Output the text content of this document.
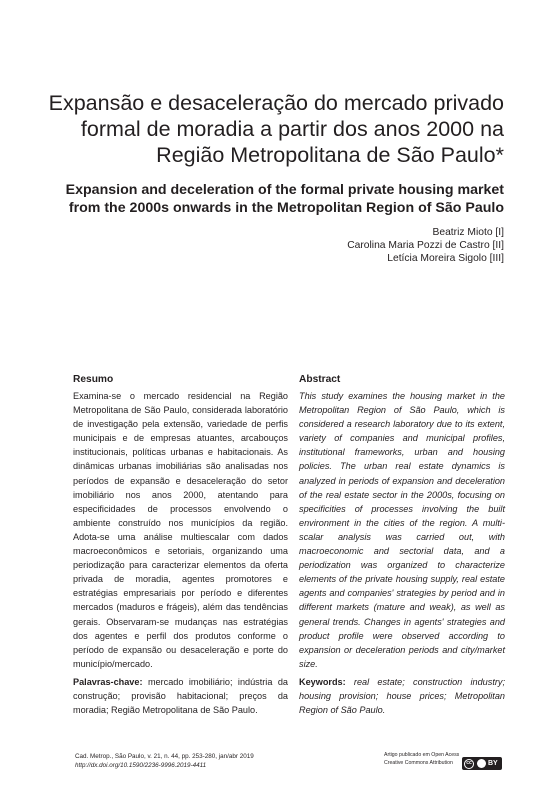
Expansão e desaceleração do mercado privado formal de moradia a partir dos anos 2000 na Região Metropolitana de São Paulo*
Expansion and deceleration of the formal private housing market from the 2000s onwards in the Metropolitan Region of São Paulo
Beatriz Mioto [I]
Carolina Maria Pozzi de Castro [II]
Letícia Moreira Sigolo [III]
Resumo

Examina-se o mercado residencial na Região Metropolitana de São Paulo, considerada laboratório de investigação pela extensão, variedade de perfis municipais e de empresas atuantes, arcabouços institucionais, políticas urbanas e habitacionais. As dinâmicas urbanas imobiliárias são analisadas nos períodos de expansão e desaceleração do setor imobiliário nos anos 2000, atentando para especificidades de processos envolvendo o ambiente construído nos municípios da região. Adota-se uma análise multiescalar com dados macroeconômicos e setoriais, organizando uma periodização para caracterizar elementos da oferta privada de moradia, agentes promotores e estratégias empresariais por período e diferentes mercados (maduros e frágeis), além das tendências gerais. Observaram-se mudanças nas estratégias dos agentes e perfil dos produtos conforme o período de expansão ou desaceleração e porte do município/mercado.

Palavras-chave: mercado imobiliário; indústria da construção; provisão habitacional; preços da moradia; Região Metropolitana de São Paulo.

Abstract

This study examines the housing market in the Metropolitan Region of São Paulo, which is considered a research laboratory due to its extent, variety of companies and municipal profiles, institutional frameworks, urban and housing policies. The urban real estate dynamics is analyzed in periods of expansion and deceleration of the real estate sector in the 2000s, focusing on specificities of processes involving the built environment in the cities of the region. A multi-scalar analysis was carried out, with macroeconomic and sectorial data, and a periodization was organized to characterize elements of the private housing supply, real estate agents and companies' strategies by period and in different markets (mature and weak), as well as general trends. Changes in agents' strategies and product profile were observed according to expansion or deceleration periods and city/market size.

Keywords: real estate; construction industry; housing provision; house prices; Metropolitan Region of São Paulo.

Cad. Metrop., São Paulo, v. 21, n. 44, pp. 253-280, jan/abr 2019
http://dx.doi.org/10.1590/2236-9996.2019-4411
Artigo publicado em Open Acess
Creative Commons Attribution	cc	BY
